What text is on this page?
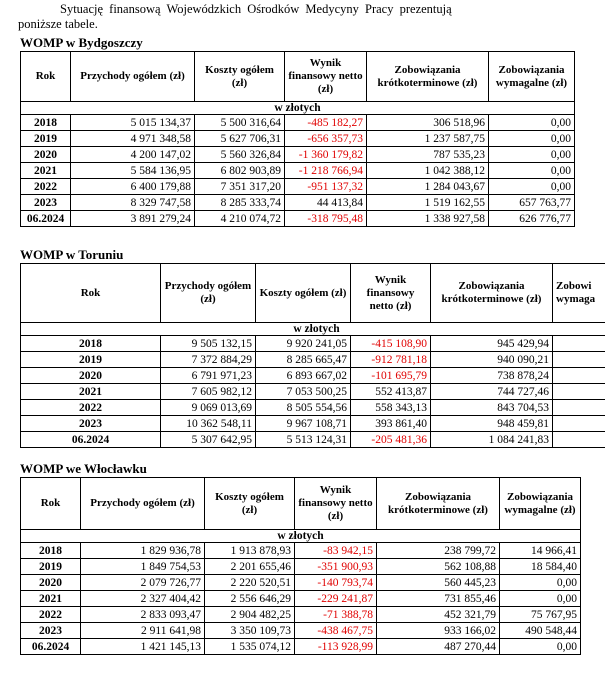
Sytuację finansową Wojewódzkich Ośrodków Medycyny Pracy prezentują
poniższe tabele.
WOMP w Bydgoszczy
Rok	Przychody ogółem (zł)	Koszty ogółem (zł)	Wynik finansowy netto (zł)	Zobowiązania krótkoterminowe (zł)	Zobowiązania wymagalne (zł)
w złotych					
2018	5 015 134,37	5 500 316,64	-485 182,27	306 518,96	0,00
2019	4 971 348,58	5 627 706,31	-656 357,73	1 237 587,75	0,00
2020	4 200 147,02	5 560 326,84	-1 360 179,82	787 535,23	0,00
2021	5 584 136,95	6 802 903,89	-1 218 766,94	1 042 388,12	0,00
2022	6 400 179,88	7 351 317,20	-951 137,32	1 284 043,67	0,00
2023	8 329 747,58	8 285 333,74	44 413,84	1 519 162,55	657 763,77
06.2024	3 891 279,24	4 210 074,72	-318 795,48	1 338 927,58	626 776,77
WOMP w Toruniu
Rok	Przychody ogółem (zł)	Koszty ogółem (zł)	Wynik finansowy netto (zł)	Zobowiązania krótkoterminowe (zł)	Zobowi wymaga
w złotych					
2018	9 505 132,15	9 920 241,05	-415 108,90	945 429,94	
2019	7 372 884,29	8 285 665,47	-912 781,18	940 090,21	
2020	6 791 971,23	6 893 667,02	-101 695,79	738 878,24	
2021	7 605 982,12	7 053 500,25	552 413,87	744 727,46	
2022	9 069 013,69	8 505 554,56	558 343,13	843 704,53	
2023	10 362 548,11	9 967 108,71	393 861,40	948 459,81	
06.2024	5 307 642,95	5 513 124,31	-205 481,36	1 084 241,83	
WOMP we Włocławku
Rok	Przychody ogółem (zł)	Koszty ogółem (zł)	Wynik finansowy netto (zł)	Zobowiązania krótkoterminowe (zł)	Zobowiązania wymagalne (zł)
w złotych					
2018	1 829 936,78	1 913 878,93	-83 942,15	238 799,72	14 966,41
2019	1 849 754,53	2 201 655,46	-351 900,93	562 108,88	18 584,40
2020	2 079 726,77	2 220 520,51	-140 793,74	560 445,23	0,00
2021	2 327 404,42	2 556 646,29	-229 241,87	731 855,46	0,00
2022	2 833 093,47	2 904 482,25	-71 388,78	452 321,79	75 767,95
2023	2 911 641,98	3 350 109,73	-438 467,75	933 166,02	490 548,44
06.2024	1 421 145,13	1 535 074,12	-113 928,99	487 270,44	0,00
